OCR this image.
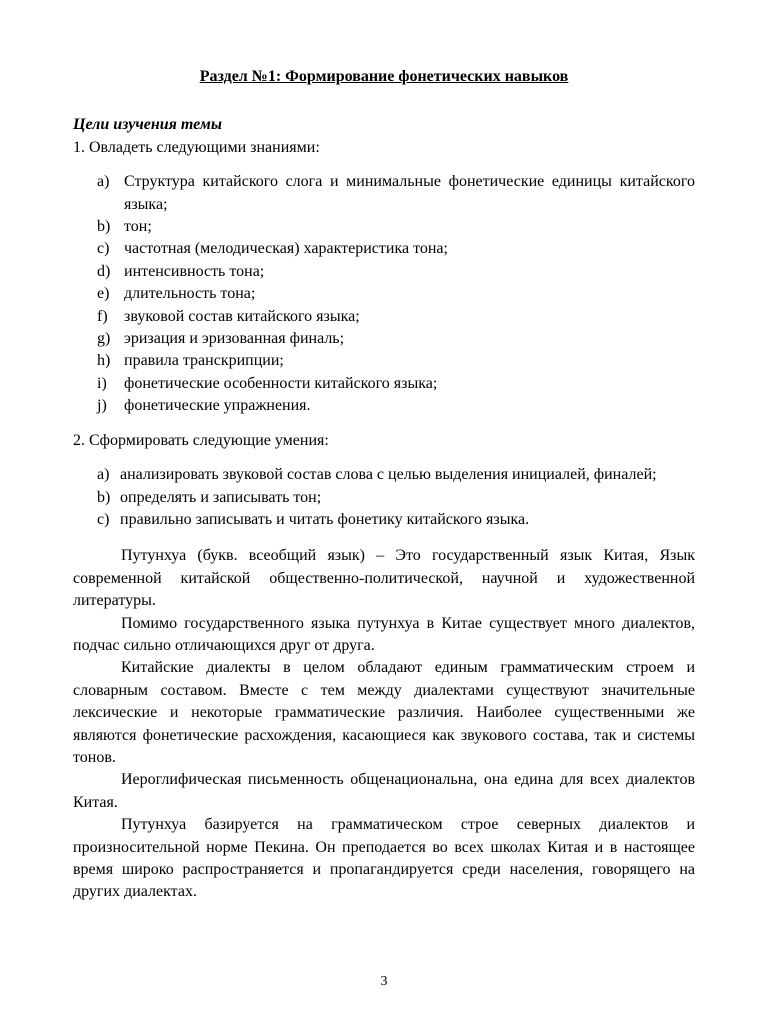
Раздел №1: Формирование фонетических навыков

Цели изучения темы

1. Овладеть следующими знаниями:

a) Структура китайского слога и минимальные фонетические единицы китайского языка;
b) тон;
c) частотная (мелодическая) характеристика тона;
d) интенсивность тона;
e) длительность тона;
f) звуковой состав китайского языка;
g) эризация и эризованная финаль;
h) правила транскрипции;
i) фонетические особенности китайского языка;
j) фонетические упражнения.

2. Сформировать следующие умения:

a) анализировать звуковой состав слова с целью выделения инициалей, финалей;
b) определять и записывать тон;
c) правильно записывать и читать фонетику китайского языка.

Путунхуа (букв. всеобщий язык) – Это государственный язык Китая, Язык современной китайской общественно-политической, научной и художественной литературы.

Помимо государственного языка путунхуа в Китае существует много диалектов, подчас сильно отличающихся друг от друга.

Китайские диалекты в целом обладают единым грамматическим строем и словарным составом. Вместе с тем между диалектами существуют значительные лексические и некоторые грамматические различия. Наиболее существенными же являются фонетические расхождения, касающиеся как звукового состава, так и системы тонов.

Иероглифическая письменность общенациональна, она едина для всех диалектов Китая.

Путунхуа базируется на грамматическом строе северных диалектов и произносительной норме Пекина. Он преподается во всех школах Китая и в настоящее время широко распространяется и пропагандируется среди населения, говорящего на других диалектах.

3
